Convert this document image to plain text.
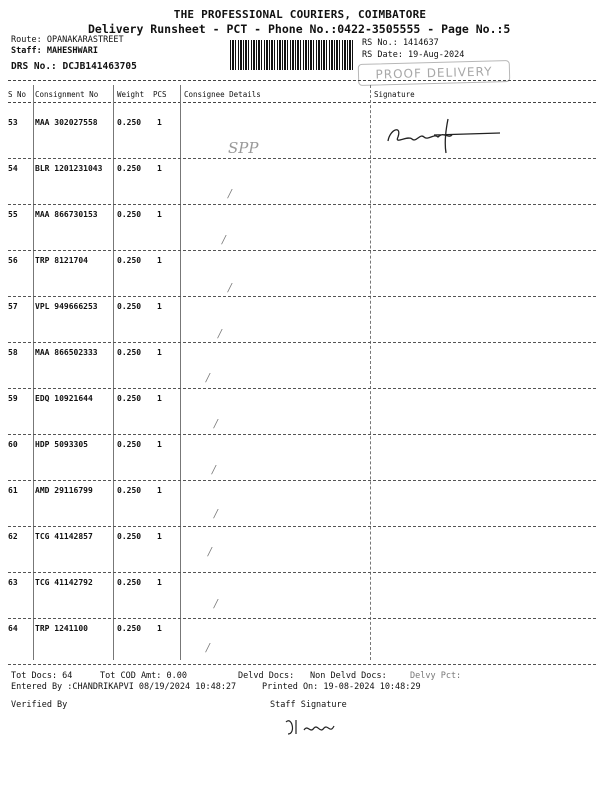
THE PROFESSIONAL COURIERS, COIMBATORE
Delivery Runsheet - PCT - Phone No.:0422-3505555 - Page No.:5
Route: OPANAKARASTREET
Staff: MAHESHWARI
DRS No.: DCJB141463705
RS No.: 1414637
RS Date: 19-Aug-2024
PROOF DELIVERY
S No Consignment No	Weight PCS Consignee Details	Signature
53 MAA 302027558 0.250 1
SPP
54 BLR 1201231043 0.250 1
/
55 MAA 866730153 0.250 1
/
56 TRP 8121704	0.250 1
/
57 VPL 949666253 0.250 1
/
58 MAA 866502333 0.250 1
/
59 EDQ 10921644	0.250 1
/
60 HDP 5093305	0.250 1
/
61 AMD 29116799	0.250 1
/
62 TCG 41142857	0.250 1
/
63 TCG 41142792	0.250 1
/
64 TRP 1241100	0.250 1
/
Tot Docs: 64	Tot COD Amt: 0.00	Delvd Docs: Non Delvd Docs:	Delvy Pct:
Entered By :CHANDRIKAPVI 08/19/2024 10:48:27	Printed On: 19-08-2024 10:48:29
Verified By	Staff Signature
